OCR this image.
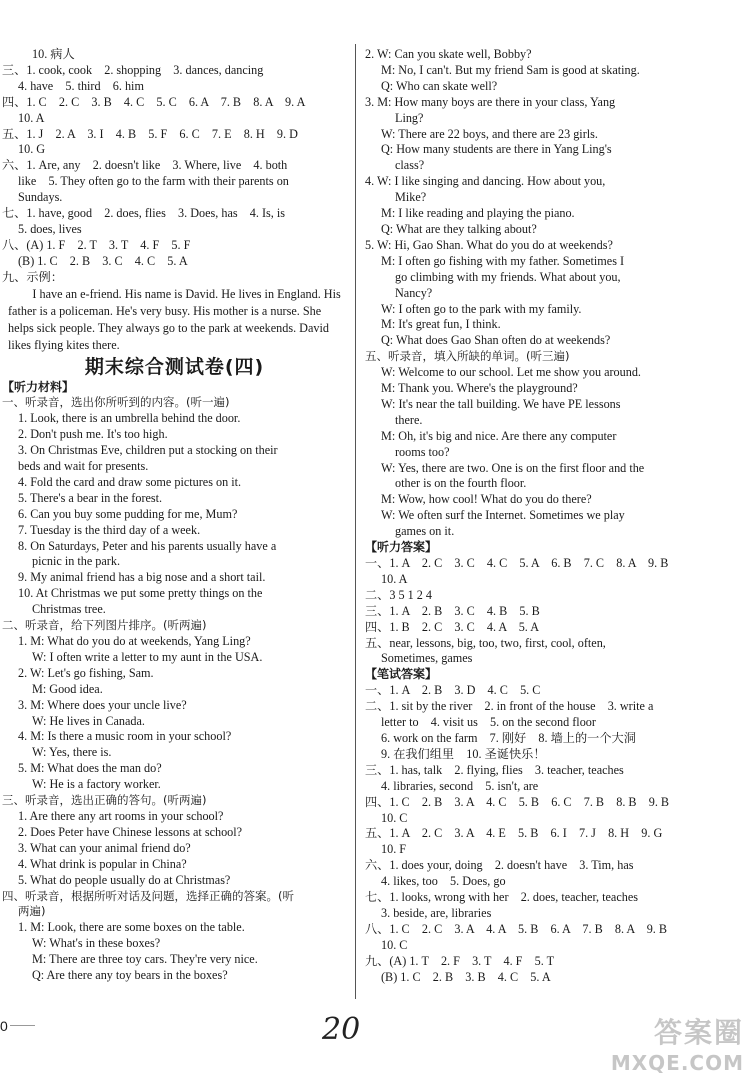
10. 病人
三、1. cook, cook　2. shopping　3. dances, dancing
4. have　5. third　6. him
四、1. C　2. C　3. B　4. C　5. C　6. A　7. B　8. A　9. A
10. A
五、1. J　2. A　3. I　4. B　5. F　6. C　7. E　8. H　9. D
10. G
六、1. Are, any　2. doesn't like　3. Where, live　4. both
like　5. They often go to the farm with their parents on
Sundays.
七、1. have, good　2. does, flies　3. Does, has　4. Is, is
5. does, lives
八、(A) 1. F　2. T　3. T　4. F　5. F
(B) 1. C　2. B　3. C　4. C　5. A
九、示例：
I have an e-friend. His name is David. He lives in England. His father is a policeman. He's very busy. His mother is a nurse. She helps sick people. They always go to the park at weekends. David likes flying kites there.
期末综合测试卷(四)
【听力材料】
一、听录音，选出你所听到的内容。(听一遍)
1. Look, there is an umbrella behind the door.
2. Don't push me. It's too high.
3. On Christmas Eve, children put a stocking on their
beds and wait for presents.
4. Fold the card and draw some pictures on it.
5. There's a bear in the forest.
6. Can you buy some pudding for me, Mum?
7. Tuesday is the third day of a week.
8. On Saturdays, Peter and his parents usually have a
picnic in the park.
9. My animal friend has a big nose and a short tail.
10. At Christmas we put some pretty things on the
Christmas tree.
二、听录音，给下列图片排序。(听两遍)
1. M: What do you do at weekends, Yang Ling?
W: I often write a letter to my aunt in the USA.
2. W: Let's go fishing, Sam.
M: Good idea.
3. M: Where does your uncle live?
W: He lives in Canada.
4. M: Is there a music room in your school?
W: Yes, there is.
5. M: What does the man do?
W: He is a factory worker.
三、听录音，选出正确的答句。(听两遍)
1. Are there any art rooms in your school?
2. Does Peter have Chinese lessons at school?
3. What can your animal friend do?
4. What drink is popular in China?
5. What do people usually do at Christmas?
四、听录音，根据所听对话及问题，选择正确的答案。(听
两遍)
1. M: Look, there are some boxes on the table.
W: What's in these boxes?
M: There are three toy cars. They're very nice.
Q: Are there any toy bears in the boxes?
2. W: Can you skate well, Bobby?
M: No, I can't. But my friend Sam is good at skating.
Q: Who can skate well?
3. M: How many boys are there in your class, Yang
Ling?
W: There are 22 boys, and there are 23 girls.
Q: How many students are there in Yang Ling's
class?
4. W: I like singing and dancing. How about you,
Mike?
M: I like reading and playing the piano.
Q: What are they talking about?
5. W: Hi, Gao Shan. What do you do at weekends?
M: I often go fishing with my father. Sometimes I
go climbing with my friends. What about you,
Nancy?
W: I often go to the park with my family.
M: It's great fun, I think.
Q: What does Gao Shan often do at weekends?
五、听录音，填入所缺的单词。(听三遍)
W: Welcome to our school. Let me show you around.
M: Thank you. Where's the playground?
W: It's near the tall building. We have PE lessons
there.
M: Oh, it's big and nice. Are there any computer
rooms too?
W: Yes, there are two. One is on the first floor and the
other is on the fourth floor.
M: Wow, how cool! What do you do there?
W: We often surf the Internet. Sometimes we play
games on it.
【听力答案】
一、1. A　2. C　3. C　4. C　5. A　6. B　7. C　8. A　9. B
10. A
二、3 5 1 2 4
三、1. A　2. B　3. C　4. B　5. B
四、1. B　2. C　3. C　4. A　5. A
五、near, lessons, big, too, two, first, cool, often,
Sometimes, games
【笔试答案】
一、1. A　2. B　3. D　4. C　5. C
二、1. sit by the river　2. in front of the house　3. write a
letter to　4. visit us　5. on the second floor
6. work on the farm　7. 刚好　8. 墙上的一个大洞
9. 在我们组里　10. 圣诞快乐！
三、1. has, talk　2. flying, flies　3. teacher, teaches
4. libraries, second　5. isn't, are
四、1. C　2. B　3. A　4. C　5. B　6. C　7. B　8. B　9. B
10. C
五、1. A　2. C　3. A　4. E　5. B　6. I　7. J　8. H　9. G
10. F
六、1. does your, doing　2. doesn't have　3. Tim, has
4. likes, too　5. Does, go
七、1. looks, wrong with her　2. does, teacher, teaches
3. beside, are, libraries
八、1. C　2. C　3. A　4. A　5. B　6. A　7. B　8. A　9. B
10. C
九、(A) 1. T　2. F　3. T　4. F　5. T
(B) 1. C　2. B　3. B　4. C　5. A
0	20	答案圈
MXQE.COM
